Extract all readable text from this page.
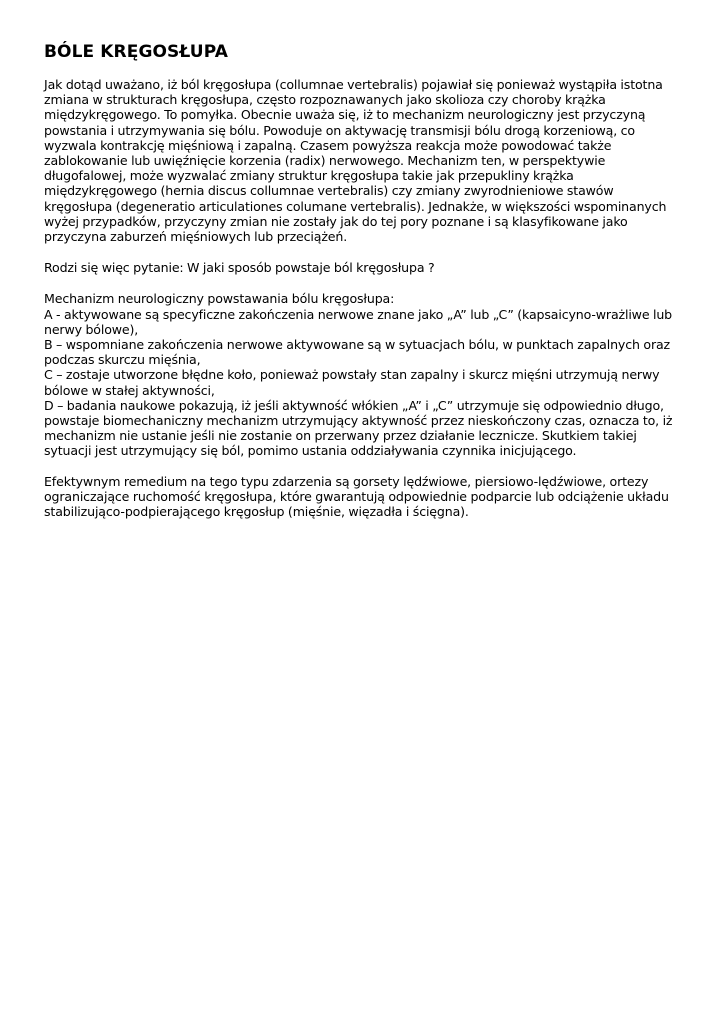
BÓLE KRĘGOSŁUPA

Jak dotąd uważano, iż ból kręgosłupa (collumnae vertebralis) pojawiał się ponieważ wystąpiła istotna zmiana w strukturach kręgosłupa, często rozpoznawanych jako skolioza czy choroby krążka międzykręgowego. To pomyłka. Obecnie uważa się, iż to mechanizm neurologiczny jest przyczyną powstania i utrzymywania się bólu. Powoduje on aktywację transmisji bólu drogą korzeniową, co wyzwala kontrakcję mięśniową i zapalną. Czasem powyższa reakcja może powodować także zablokowanie lub uwięźnięcie korzenia (radix) nerwowego. Mechanizm ten, w perspektywie długofalowej, może wyzwalać zmiany struktur kręgosłupa takie jak przepukliny krążka międzykręgowego (hernia discus collumnae vertebralis) czy zmiany zwyrodnieniowe stawów kręgosłupa (degeneratio articulationes columane vertebralis). Jednakże, w większości wspominanych wyżej przypadków, przyczyny zmian nie zostały jak do tej pory poznane i są klasyfikowane jako przyczyna zaburzeń mięśniowych lub przeciążeń.

Rodzi się więc pytanie: W jaki sposób powstaje ból kręgosłupa ?

Mechanizm neurologiczny powstawania bólu kręgosłupa:
A - aktywowane są specyficzne zakończenia nerwowe znane jako „A” lub „C” (kapsaicyno-wrażliwe lub nerwy bólowe),
B – wspomniane zakończenia nerwowe aktywowane są w sytuacjach bólu, w punktach zapalnych oraz podczas skurczu mięśnia,
C – zostaje utworzone błędne koło, ponieważ powstały stan zapalny i skurcz mięśni utrzymują nerwy bólowe w stałej aktywności,
D – badania naukowe pokazują, iż jeśli aktywność włókien „A” i „C” utrzymuje się odpowiednio długo, powstaje biomechaniczny mechanizm utrzymujący aktywność przez nieskończony czas, oznacza to, iż mechanizm nie ustanie jeśli nie zostanie on przerwany przez działanie lecznicze. Skutkiem takiej sytuacji jest utrzymujący się ból, pomimo ustania oddziaływania czynnika inicjującego.

Efektywnym remedium na tego typu zdarzenia są gorsety lędźwiowe, piersiowo-lędźwiowe, ortezy ograniczające ruchomość kręgosłupa, które gwarantują odpowiednie podparcie lub odciążenie układu stabilizująco-podpierającego kręgosłup (mięśnie, więzadła i ścięgna).
